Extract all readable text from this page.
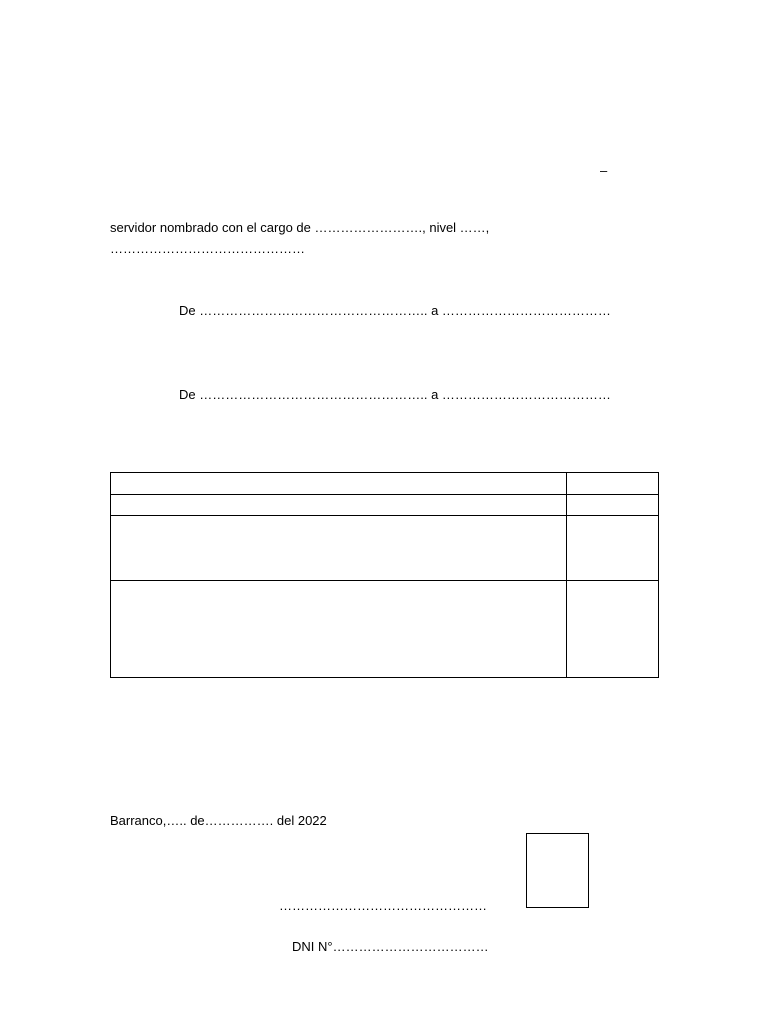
–
servidor nombrado con el cargo de ……………………., nivel ……,
………………………………………
De …………………………………………….. a …………………………………
De …………………………………………….. a …………………………………

Barranco,….. de……………. del 2022
…………………………………………
DNI N°………………………………
